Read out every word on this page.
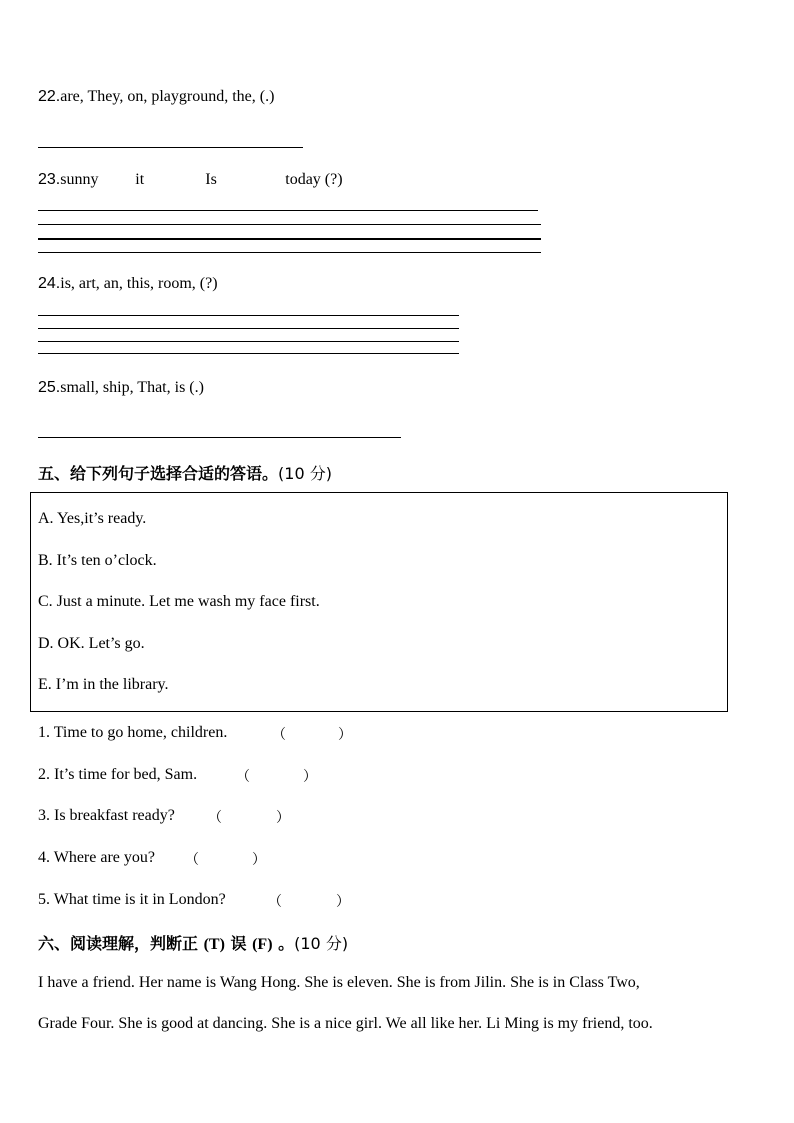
22.are, They, on, playground, the, (.)
23.sunny it	Is	today (?)
24.is, art, an, this, room, (?)
25.small, ship, That, is (.)
五、给下列句子选择合适的答语。(10 分)
A. Yes,it’s ready.
B. It’s ten o’clock.
C. Just a minute. Let me wash my face first.
D. OK. Let’s go.
E. I’m in the library.
1. Time to go home, children.	（	）
2. It’s time for bed, Sam.	（	）
3. Is breakfast ready? （	）
4. Where are you? （	）
5. What time is it in London?	（	）
六、阅读理解，判断正 (T) 误 (F) 。(10 分)
I have a friend. Her name is Wang Hong. She is eleven. She is from Jilin. She is in Class Two,
Grade Four. She is good at dancing. She is a nice girl. We all like her. Li Ming is my friend, too.
